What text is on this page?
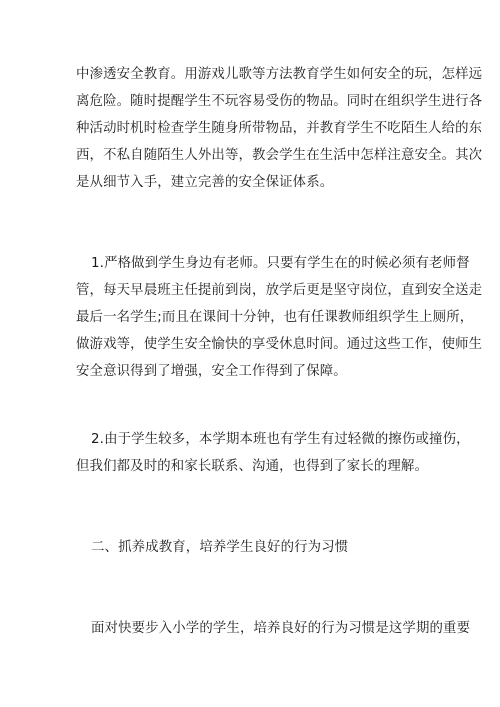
中渗透安全教育。用游戏儿歌等方法教育学生如何安全的玩，怎样远
离危险。随时提醒学生不玩容易受伤的物品。同时在组织学生进行各
种活动时机时检查学生随身所带物品，并教育学生不吃陌生人给的东
西，不私自随陌生人外出等，教会学生在生活中怎样注意安全。其次
是从细节入手，建立完善的安全保证体系。
1.严格做到学生身边有老师。只要有学生在的时候必须有老师督
管，每天早晨班主任提前到岗，放学后更是坚守岗位，直到安全送走
最后一名学生;而且在课间十分钟，也有任课教师组织学生上厕所，
做游戏等，使学生安全愉快的享受休息时间。通过这些工作，使师生
安全意识得到了增强，安全工作得到了保障。
2.由于学生较多，本学期本班也有学生有过轻微的擦伤或撞伤，
但我们都及时的和家长联系、沟通，也得到了家长的理解。
二、抓养成教育，培养学生良好的行为习惯
面对快要步入小学的学生，培养良好的行为习惯是这学期的重要
